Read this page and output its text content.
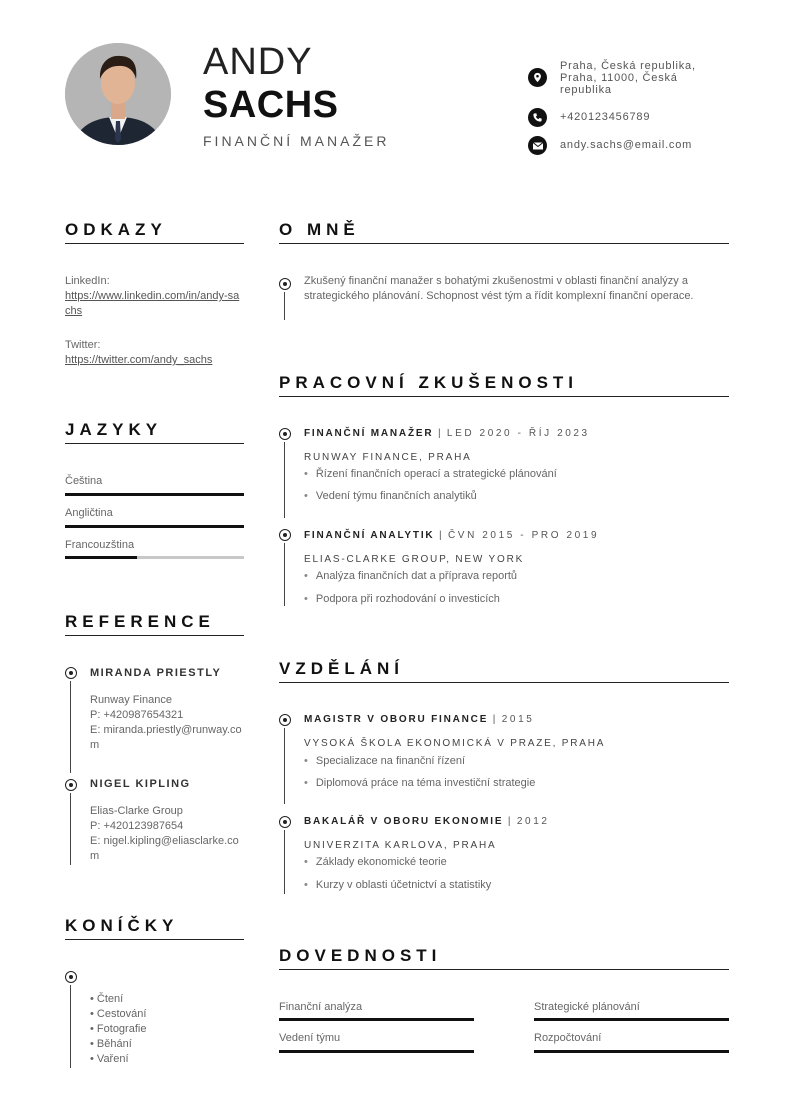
ANDY
SACHS
FINANČNÍ MANAŽER
Praha, Česká republika, Praha, 11000, Česká republika
+420123456789
andy.sachs@email.com
ODKAZY
LinkedIn:
https://www.linkedin.com/in/andy-sachs
Twitter:
https://twitter.com/andy_sachs
JAZYKY
Čeština
Angličtina
Francouzština
REFERENCE
MIRANDA PRIESTLY
Runway Finance
P: +420987654321
E: miranda.priestly@runway.com
NIGEL KIPLING
Elias-Clarke Group
P: +420123987654
E: nigel.kipling@eliasclarke.com
KONÍČKY
• Čtení
• Cestování
• Fotografie
• Běhání
• Vaření
O MNĚ
Zkušený finanční manažer s bohatými zkušenostmi v oblasti finanční analýzy a strategického plánování. Schopnost vést tým a řídit komplexní finanční operace.
PRACOVNÍ ZKUŠENOSTI
FINANČNÍ MANAŽER | LED 2020 - ŘÍJ 2023
RUNWAY FINANCE, PRAHA
• Řízení finančních operací a strategické plánování
• Vedení týmu finančních analytiků
FINANČNÍ ANALYTIK | ČVN 2015 - PRO 2019
ELIAS-CLARKE GROUP, NEW YORK
• Analýza finančních dat a příprava reportů
• Podpora při rozhodování o investicích
VZDĚLÁNÍ
MAGISTR V OBORU FINANCE | 2015
VYSOKÁ ŠKOLA EKONOMICKÁ V PRAZE, PRAHA
• Specializace na finanční řízení
• Diplomová práce na téma investiční strategie
BAKALÁŘ V OBORU EKONOMIE | 2012
UNIVERZITA KARLOVA, PRAHA
• Základy ekonomické teorie
• Kurzy v oblasti účetnictví a statistiky
DOVEDNOSTI
Finanční analýza	Strategické plánování
Vedení týmu	Rozpočtování
